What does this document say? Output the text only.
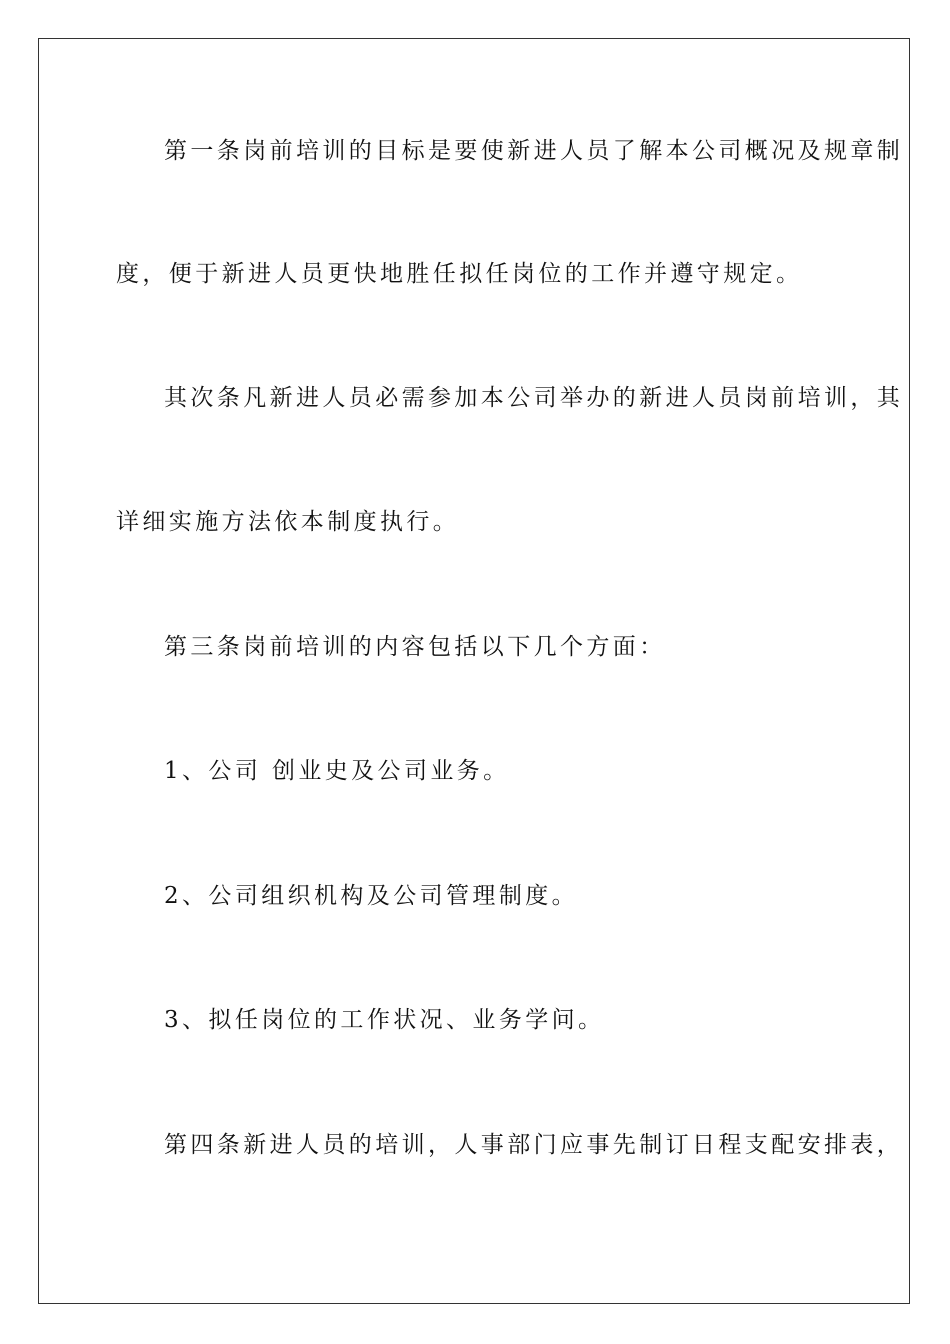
第一条岗前培训的目标是要使新进人员了解本公司概况及规章制
度，便于新进人员更快地胜任拟任岗位的工作并遵守规定。
其次条凡新进人员必需参加本公司举办的新进人员岗前培训，其
详细实施方法依本制度执行。
第三条岗前培训的内容包括以下几个方面：
1、公司 创业史及公司业务。
2、公司组织机构及公司管理制度。
3、拟任岗位的工作状况、业务学问。
第四条新进人员的培训，人事部门应事先制订日程支配安排表，
